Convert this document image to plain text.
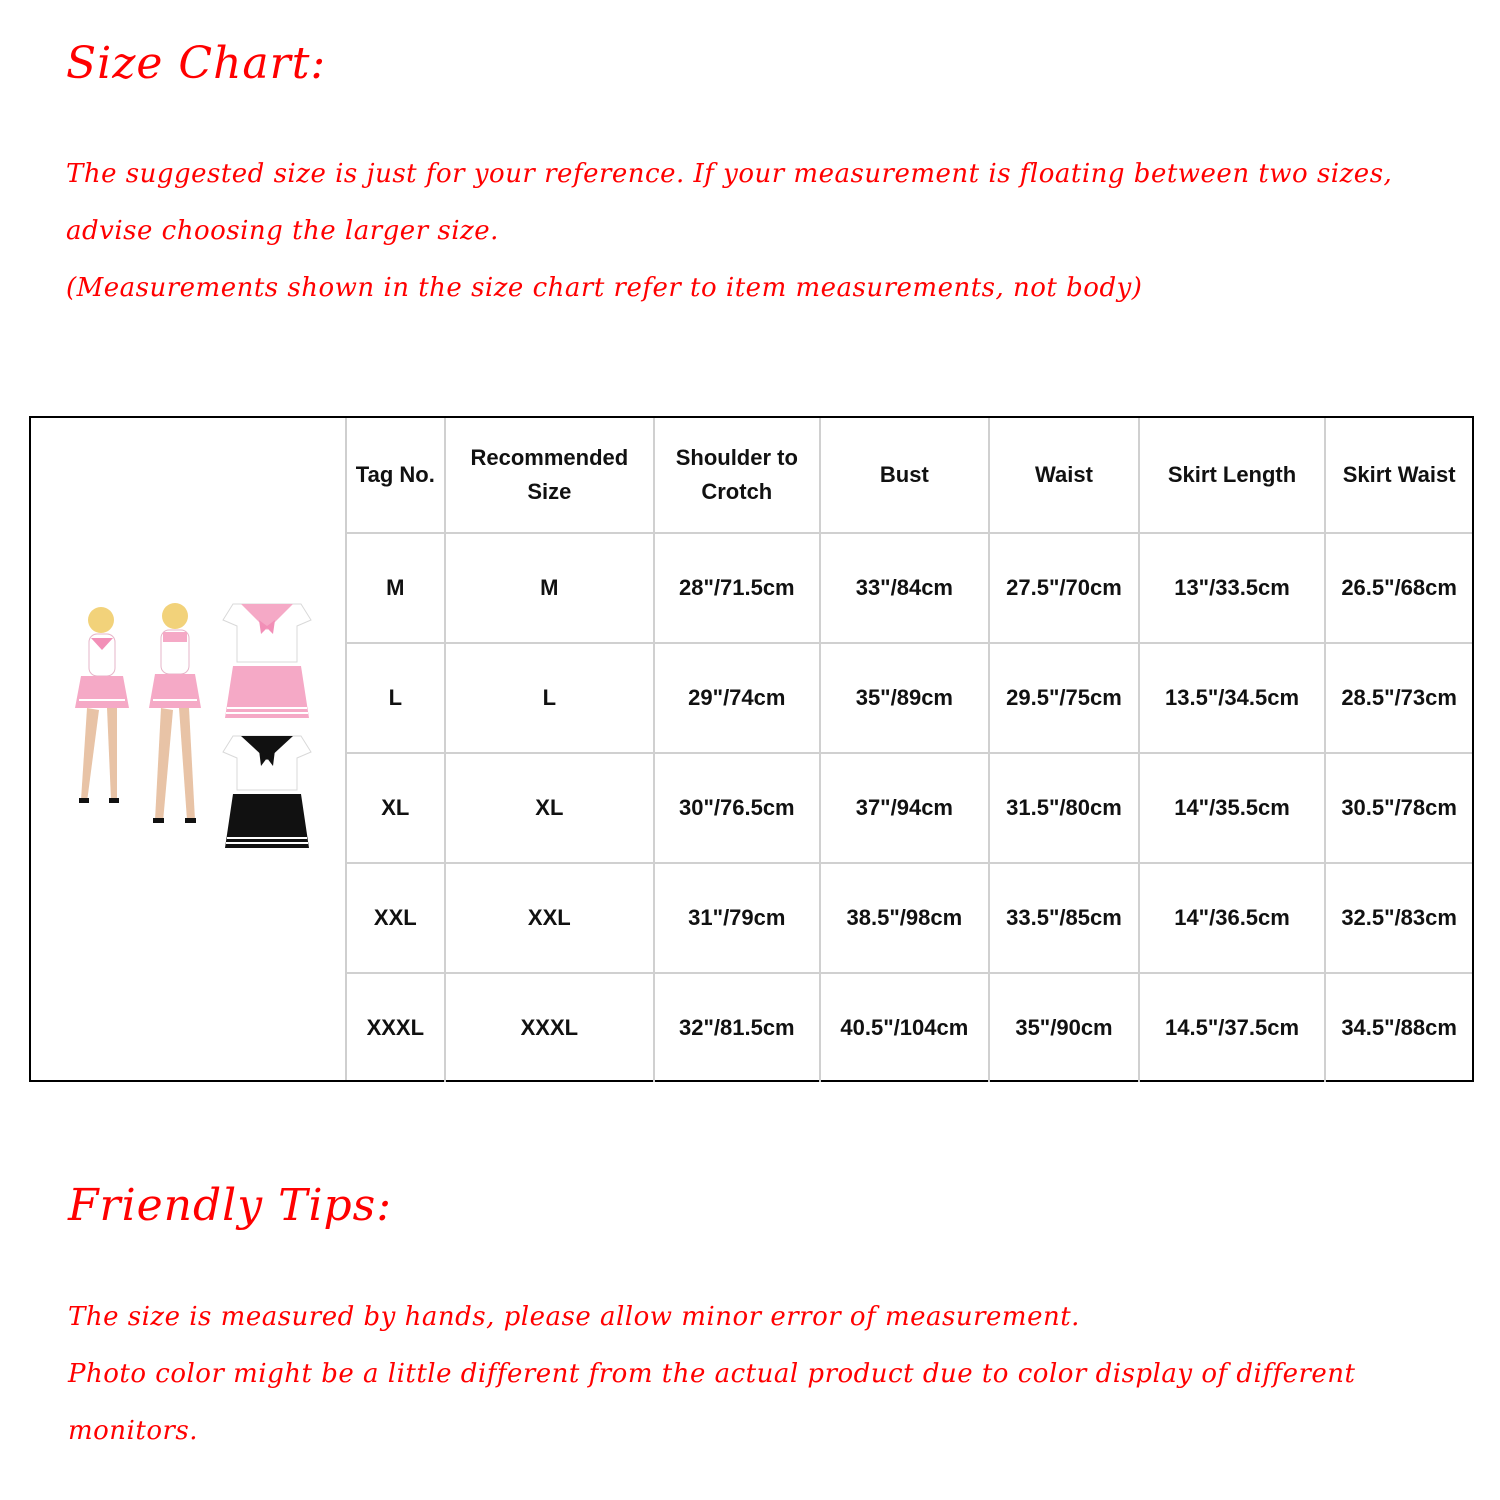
Size Chart:

The suggested size is just for your reference. If your measurement is floating between two sizes, advise choosing the larger size.

(Measurements shown in the size chart refer to item measurements, not body)

Tag No.	Recommended Size	Shoulder to Crotch	Bust	Waist	Skirt Length	Skirt Waist
M	M	28"/71.5cm	33"/84cm	27.5"/70cm	13"/33.5cm	26.5"/68cm
L	L	29"/74cm	35"/89cm	29.5"/75cm	13.5"/34.5cm	28.5"/73cm
XL	XL	30"/76.5cm	37"/94cm	31.5"/80cm	14"/35.5cm	30.5"/78cm
XXL	XXL	31"/79cm	38.5"/98cm	33.5"/85cm	14"/36.5cm	32.5"/83cm
XXXL	XXXL	32"/81.5cm	40.5"/104cm	35"/90cm	14.5"/37.5cm	34.5"/88cm
Friendly Tips:

The size is measured by hands, please allow minor error of measurement.

Photo color might be a little different from the actual product due to color display of different monitors.
